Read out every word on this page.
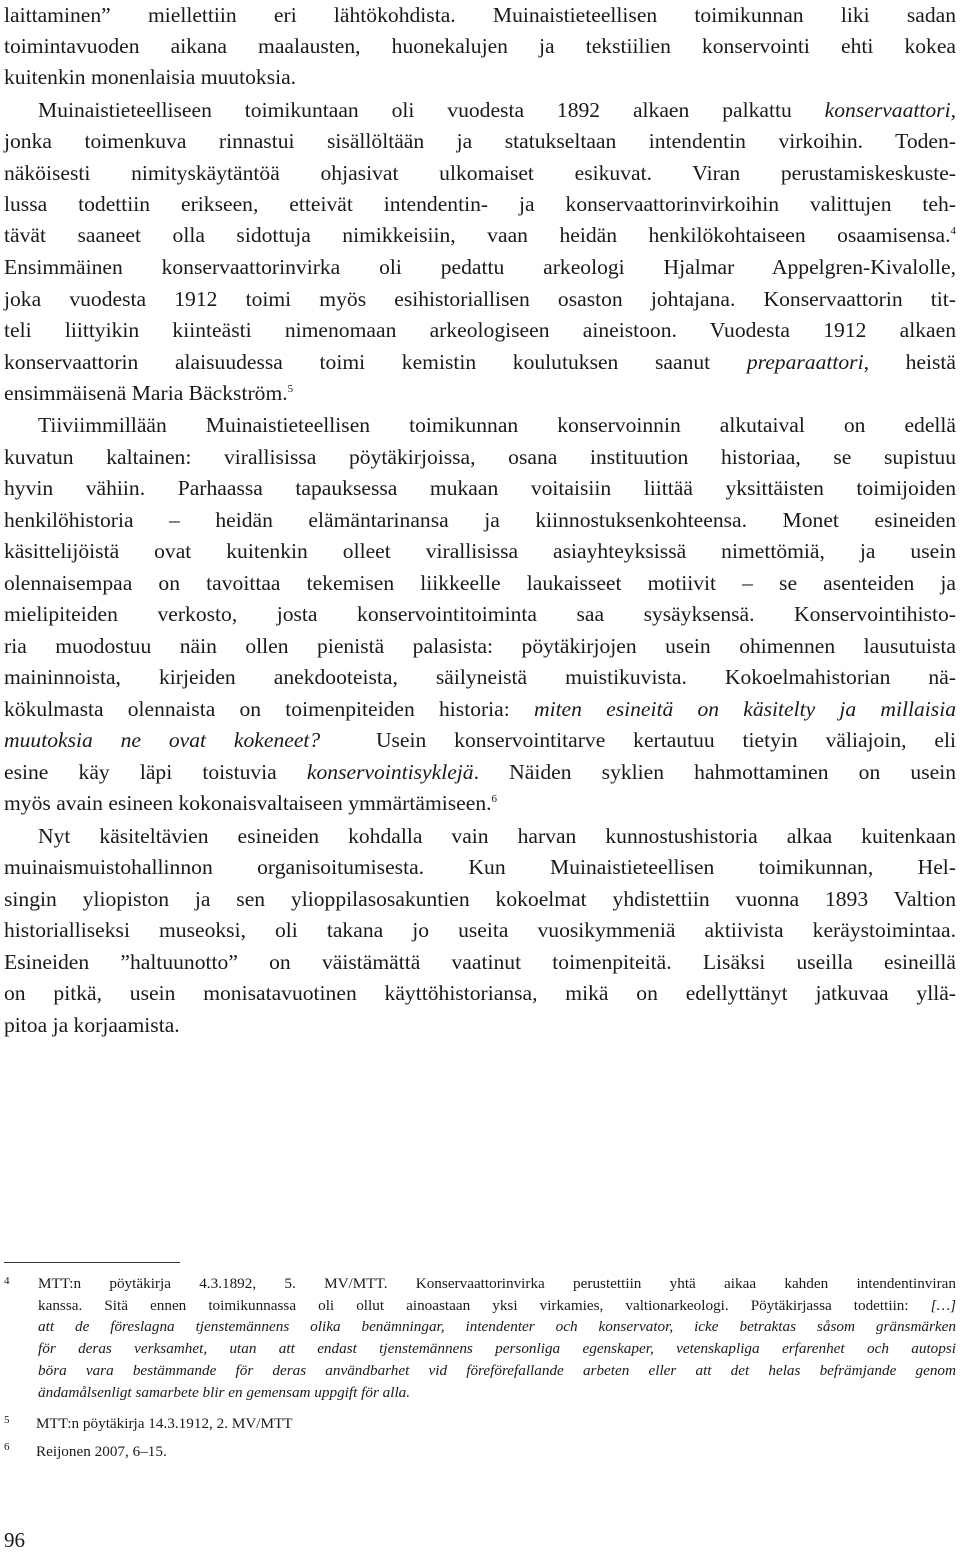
laittaminen” miellettiin eri lähtökohdista. Muinaistieteellisen toimikunnan liki sadan
toimintavuoden aikana maalausten, huonekalujen ja tekstiilien konservointi ehti kokea
kuitenkin monenlaisia muutoksia.
Muinaistieteelliseen toimikuntaan oli vuodesta 1892 alkaen palkattu konservaattori,
jonka toimenkuva rinnastui sisällöltään ja statukseltaan intendentin virkoihin. Toden-
näköisesti nimityskäytäntöä ohjasivat ulkomaiset esikuvat. Viran perustamiskeskuste-
lussa todettiin erikseen, etteivät intendentin- ja konservaattorinvirkoihin valittujen teh-
tävät saaneet olla sidottuja nimikkeisiin, vaan heidän henkilökohtaiseen osaamisensa.$^4$
Ensimmäinen konservaattorinvirka oli pedattu arkeologi Hjalmar Appelgren-Kivalolle,
joka vuodesta 1912 toimi myös esihistoriallisen osaston johtajana. Konservaattorin tit-
teli liittyikin kiinteästi nimenomaan arkeologiseen aineistoon. Vuodesta 1912 alkaen
konservaattorin alaisuudessa toimi kemistin koulutuksen saanut preparaattori, heistä
ensimmäisenä Maria Bäckström.$^5$
Tiiviimmillään Muinaistieteellisen toimikunnan konservoinnin alkutaival on edellä
kuvatun kaltainen: virallisissa pöytäkirjoissa, osana instituution historiaa, se supistuu
hyvin vähiin. Parhaassa tapauksessa mukaan voitaisiin liittää yksittäisten toimijoiden
henkilöhistoria – heidän elämäntarinansa ja kiinnostuksenkohteensa. Monet esineiden
käsittelijöistä ovat kuitenkin olleet virallisissa asiayhteyksissä nimettömiä, ja usein
olennaisempaa on tavoittaa tekemisen liikkeelle laukaisseet motiivit – se asenteiden ja
mielipiteiden verkosto, josta konservointitoiminta saa sysäyksensä. Konservointihisto-
ria muodostuu näin ollen pienistä palasista: pöytäkirjojen usein ohimennen lausutuista
maininnoista, kirjeiden anekdooteista, säilyneistä muistikuvista. Kokoelmahistorian nä-
kökulmasta olennaista on toimenpiteiden historia: miten esineitä on käsitelty ja millaisia
muutoksia ne ovat kokeneet?	Usein konservointitarve kertautuu tietyin väliajoin, eli
esine käy läpi toistuvia konservointisyklejä. Näiden syklien hahmottaminen on usein
myös avain esineen kokonaisvaltaiseen ymmärtämiseen.$^6$
Nyt käsiteltävien esineiden kohdalla vain harvan kunnostushistoria alkaa kuitenkaan
muinaismuistohallinnon organisoitumisesta. Kun Muinaistieteellisen toimikunnan, Hel-
singin yliopiston ja sen ylioppilasosakuntien kokoelmat yhdistettiin vuonna 1893 Valtion
historialliseksi museoksi, oli takana jo useita vuosikymmeniä aktiivista keräystoimintaa.
Esineiden ”haltuunotto” on väistämättä vaatinut toimenpiteitä. Lisäksi useilla esineillä
on pitkä, usein monisatavuotinen käyttöhistoriansa, mikä on edellyttänyt jatkuvaa yllä-
pitoa ja korjaamista.
4 MTT:n pöytäkirja 4.3.1892, 5. MV/MTT. Konservaattorinvirka perustettiin yhtä aikaa kahden intendentinviran
kanssa. Sitä ennen toimikunnassa oli ollut ainoastaan yksi virkamies, valtionarkeologi. Pöytäkirjassa todettiin: […]
att de föreslagna tjenstemännens olika benämningar, intendenter och konservator, icke betraktas såsom gränsmärken
för deras verksamhet, utan att endast tjenstemännens personliga egenskaper, vetenskapliga erfarenhet och autopsi
böra vara bestämmande för deras användbarhet vid föreförefallande arbeten eller att det helas befrämjande genom
ändamålsenligt samarbete blir en gemensam uppgift för alla.
5 MTT:n pöytäkirja 14.3.1912, 2. MV/MTT
6 Reijonen 2007, 6–15.
96
